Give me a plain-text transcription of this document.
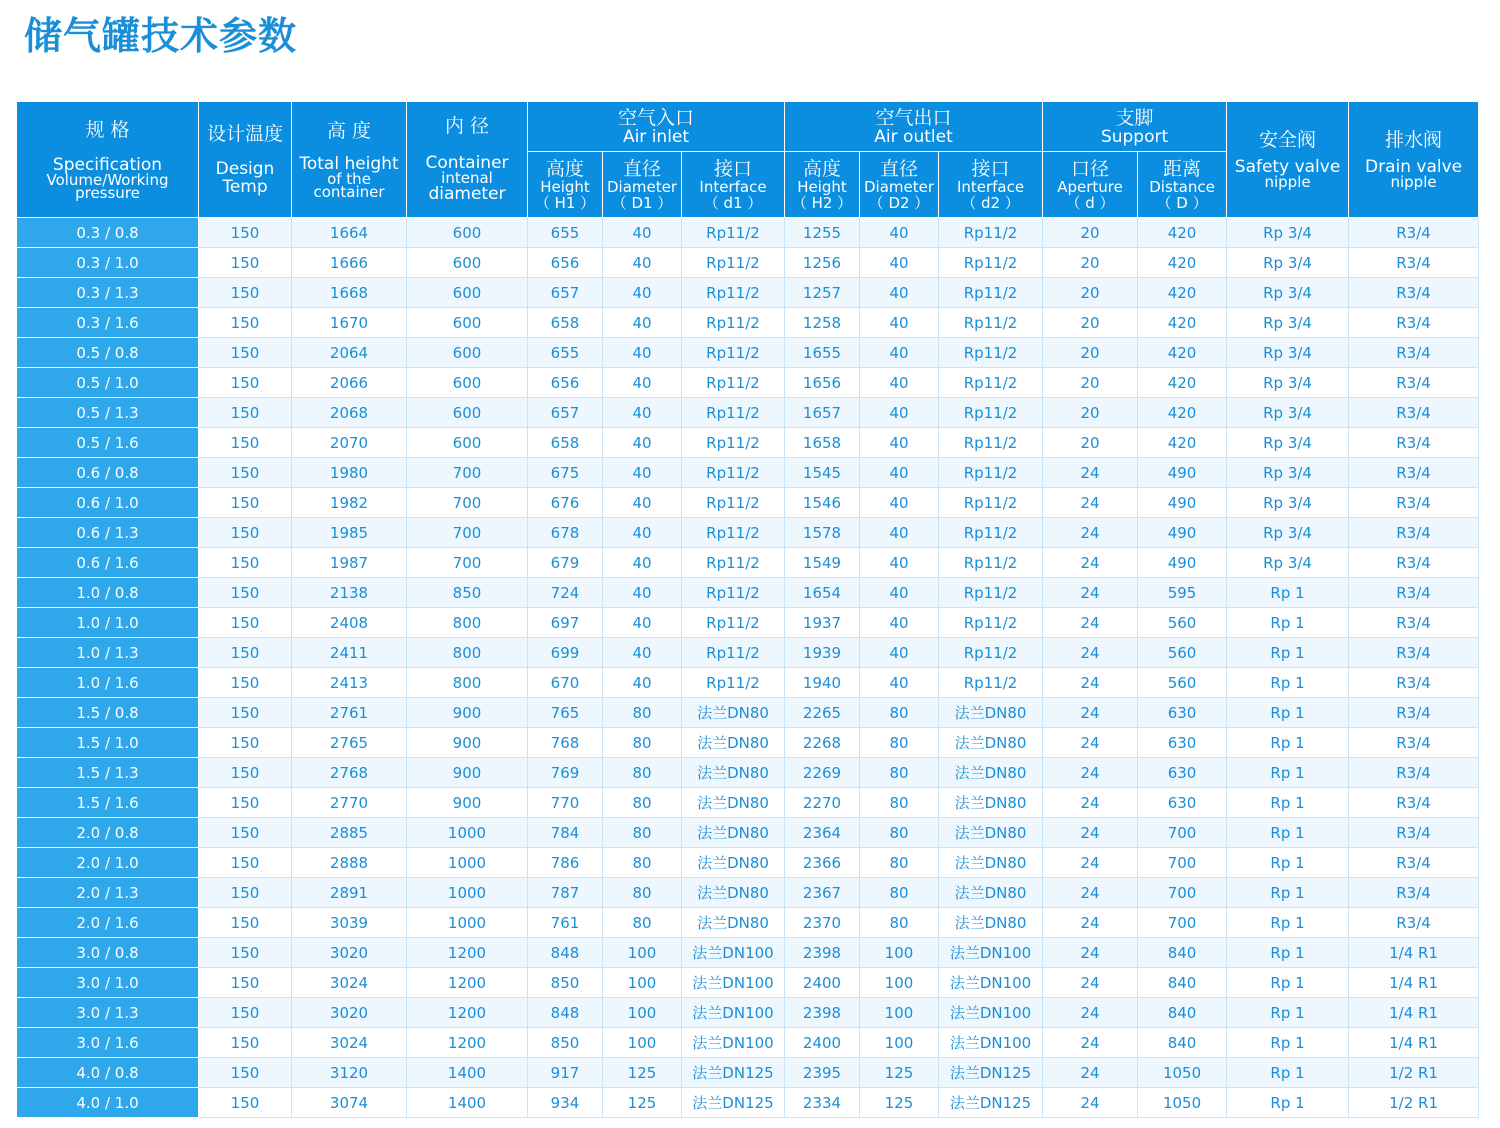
储气罐技术参数
规 格
Specification
Volume/Working
pressure	设计温度
Design
Temp	高 度
Total height
of the
container	内 径
Container
intenal
diameter	空气入口
Air inlet			空气出口
Air outlet			支脚
Support		安全阀
Safety valve
nipple	排水阀
Drain valve
nipple

				高度
Height
（ H1 ）	直径
Diameter
（ D1 ）	接口
Interface
（ d1 ）	高度
Height
（ H2 ）	直径
Diameter
（ D2 ）	接口
Interface
（ d2 ）	口径
Aperture
（ d ）	距离
Distance
（ D ）		

0.3 / 0.8	150	1664	600	655	40	Rp11/2	1255	40	Rp11/2	20	420	Rp 3/4	R3/4
0.3 / 1.0	150	1666	600	656	40	Rp11/2	1256	40	Rp11/2	20	420	Rp 3/4	R3/4
0.3 / 1.3	150	1668	600	657	40	Rp11/2	1257	40	Rp11/2	20	420	Rp 3/4	R3/4
0.3 / 1.6	150	1670	600	658	40	Rp11/2	1258	40	Rp11/2	20	420	Rp 3/4	R3/4
0.5 / 0.8	150	2064	600	655	40	Rp11/2	1655	40	Rp11/2	20	420	Rp 3/4	R3/4
0.5 / 1.0	150	2066	600	656	40	Rp11/2	1656	40	Rp11/2	20	420	Rp 3/4	R3/4
0.5 / 1.3	150	2068	600	657	40	Rp11/2	1657	40	Rp11/2	20	420	Rp 3/4	R3/4
0.5 / 1.6	150	2070	600	658	40	Rp11/2	1658	40	Rp11/2	20	420	Rp 3/4	R3/4
0.6 / 0.8	150	1980	700	675	40	Rp11/2	1545	40	Rp11/2	24	490	Rp 3/4	R3/4
0.6 / 1.0	150	1982	700	676	40	Rp11/2	1546	40	Rp11/2	24	490	Rp 3/4	R3/4
0.6 / 1.3	150	1985	700	678	40	Rp11/2	1578	40	Rp11/2	24	490	Rp 3/4	R3/4
0.6 / 1.6	150	1987	700	679	40	Rp11/2	1549	40	Rp11/2	24	490	Rp 3/4	R3/4
1.0 / 0.8	150	2138	850	724	40	Rp11/2	1654	40	Rp11/2	24	595	Rp 1	R3/4
1.0 / 1.0	150	2408	800	697	40	Rp11/2	1937	40	Rp11/2	24	560	Rp 1	R3/4
1.0 / 1.3	150	2411	800	699	40	Rp11/2	1939	40	Rp11/2	24	560	Rp 1	R3/4
1.0 / 1.6	150	2413	800	670	40	Rp11/2	1940	40	Rp11/2	24	560	Rp 1	R3/4
1.5 / 0.8	150	2761	900	765	80	法兰DN80	2265	80	法兰DN80	24	630	Rp 1	R3/4
1.5 / 1.0	150	2765	900	768	80	法兰DN80	2268	80	法兰DN80	24	630	Rp 1	R3/4
1.5 / 1.3	150	2768	900	769	80	法兰DN80	2269	80	法兰DN80	24	630	Rp 1	R3/4
1.5 / 1.6	150	2770	900	770	80	法兰DN80	2270	80	法兰DN80	24	630	Rp 1	R3/4
2.0 / 0.8	150	2885	1000	784	80	法兰DN80	2364	80	法兰DN80	24	700	Rp 1	R3/4
2.0 / 1.0	150	2888	1000	786	80	法兰DN80	2366	80	法兰DN80	24	700	Rp 1	R3/4
2.0 / 1.3	150	2891	1000	787	80	法兰DN80	2367	80	法兰DN80	24	700	Rp 1	R3/4
2.0 / 1.6	150	3039	1000	761	80	法兰DN80	2370	80	法兰DN80	24	700	Rp 1	R3/4
3.0 / 0.8	150	3020	1200	848	100	法兰DN100	2398	100	法兰DN100	24	840	Rp 1	1/4 R1
3.0 / 1.0	150	3024	1200	850	100	法兰DN100	2400	100	法兰DN100	24	840	Rp 1	1/4 R1
3.0 / 1.3	150	3020	1200	848	100	法兰DN100	2398	100	法兰DN100	24	840	Rp 1	1/4 R1
3.0 / 1.6	150	3024	1200	850	100	法兰DN100	2400	100	法兰DN100	24	840	Rp 1	1/4 R1
4.0 / 0.8	150	3120	1400	917	125	法兰DN125	2395	125	法兰DN125	24	1050	Rp 1	1/2 R1
4.0 / 1.0	150	3074	1400	934	125	法兰DN125	2334	125	法兰DN125	24	1050	Rp 1	1/2 R1
